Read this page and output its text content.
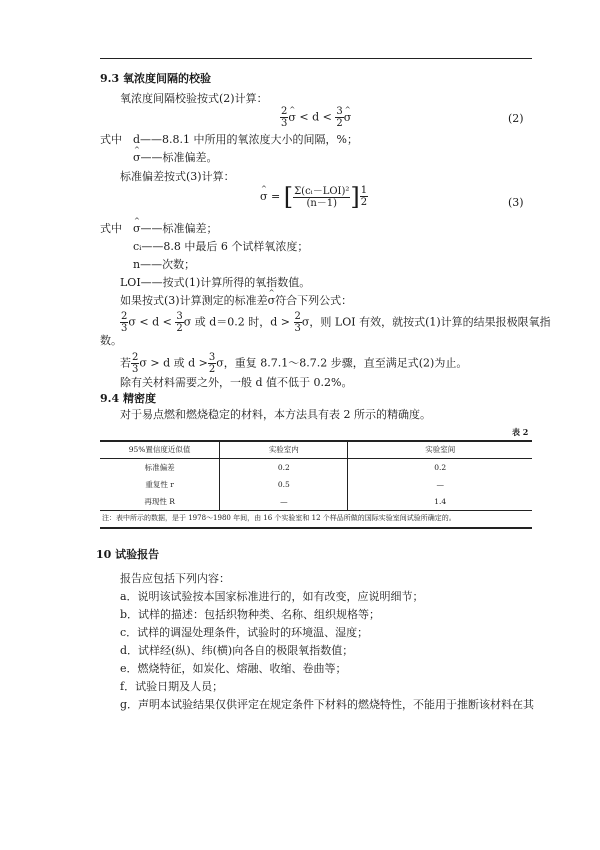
9.3 氧浓度间隔的校验
氧浓度间隔校验按式(2)计算：
$\frac{2}{3}$ ^ $\sigma < d < \frac{3}{2}$ ^ σ	(2)
式中 d——8.8.1 中所用的氧浓度大小的间隔，%；
^ σ——标准偏差。
标准偏差按式(3)计算：
^ σ = [ $\frac{\text{Σ(cᵢ－LOI)²}}{(n-1)}$ ] $^{\frac{1}{2}}$	(3)
式中 ^ σ——标准偏差；
cᵢ——8.8 中最后 6 个试样氧浓度；
n——次数；
LOI——按式(1)计算所得的氧指数值。
如果按式(3)计算测定的标准差^ σ符合下列公式：
$\frac{2}{3}$ $\sigma < d < \frac{3}{2}$ σ 或 d＝0.2 时，$d > \frac{2}{3}$ σ，则 LOI 有效，就按式(1)计算的结果报极限氧指
数。
若 $\frac{2}{3}$ σ > d 或 $d > \frac{3}{2}$ σ，重复 8.7.1～8.7.2 步骤，直至满足式(2)为止。
除有关材料需要之外，一般 d 值不低于 0.2%。
9.4 精密度
对于易点燃和燃烧稳定的材料，本方法具有表 2 所示的精确度。
表 2
95%置信度近似值	实验室内	实验室间
标准偏差	0.2	0.2
重复性 r	0.5	—
再现性 R	—	1.4
注：表中所示的数据，是于 1978～1980 年间，由 16 个实验室和 12 个样品所做的国际实验室间试验所确定的。
10 试验报告
报告应包括下列内容：
a．说明该试验按本国家标准进行的，如有改变，应说明细节；
b．试样的描述：包括织物种类、名称、组织规格等；
c．试样的调湿处理条件，试验时的环境温、湿度；
d．试样经(纵)、纬(横)向各自的极限氧指数值；
e．燃烧特征，如炭化、熔融、收缩、卷曲等；
f．试验日期及人员；
g．声明本试验结果仅供评定在规定条件下材料的燃烧特性，不能用于推断该材料在其
